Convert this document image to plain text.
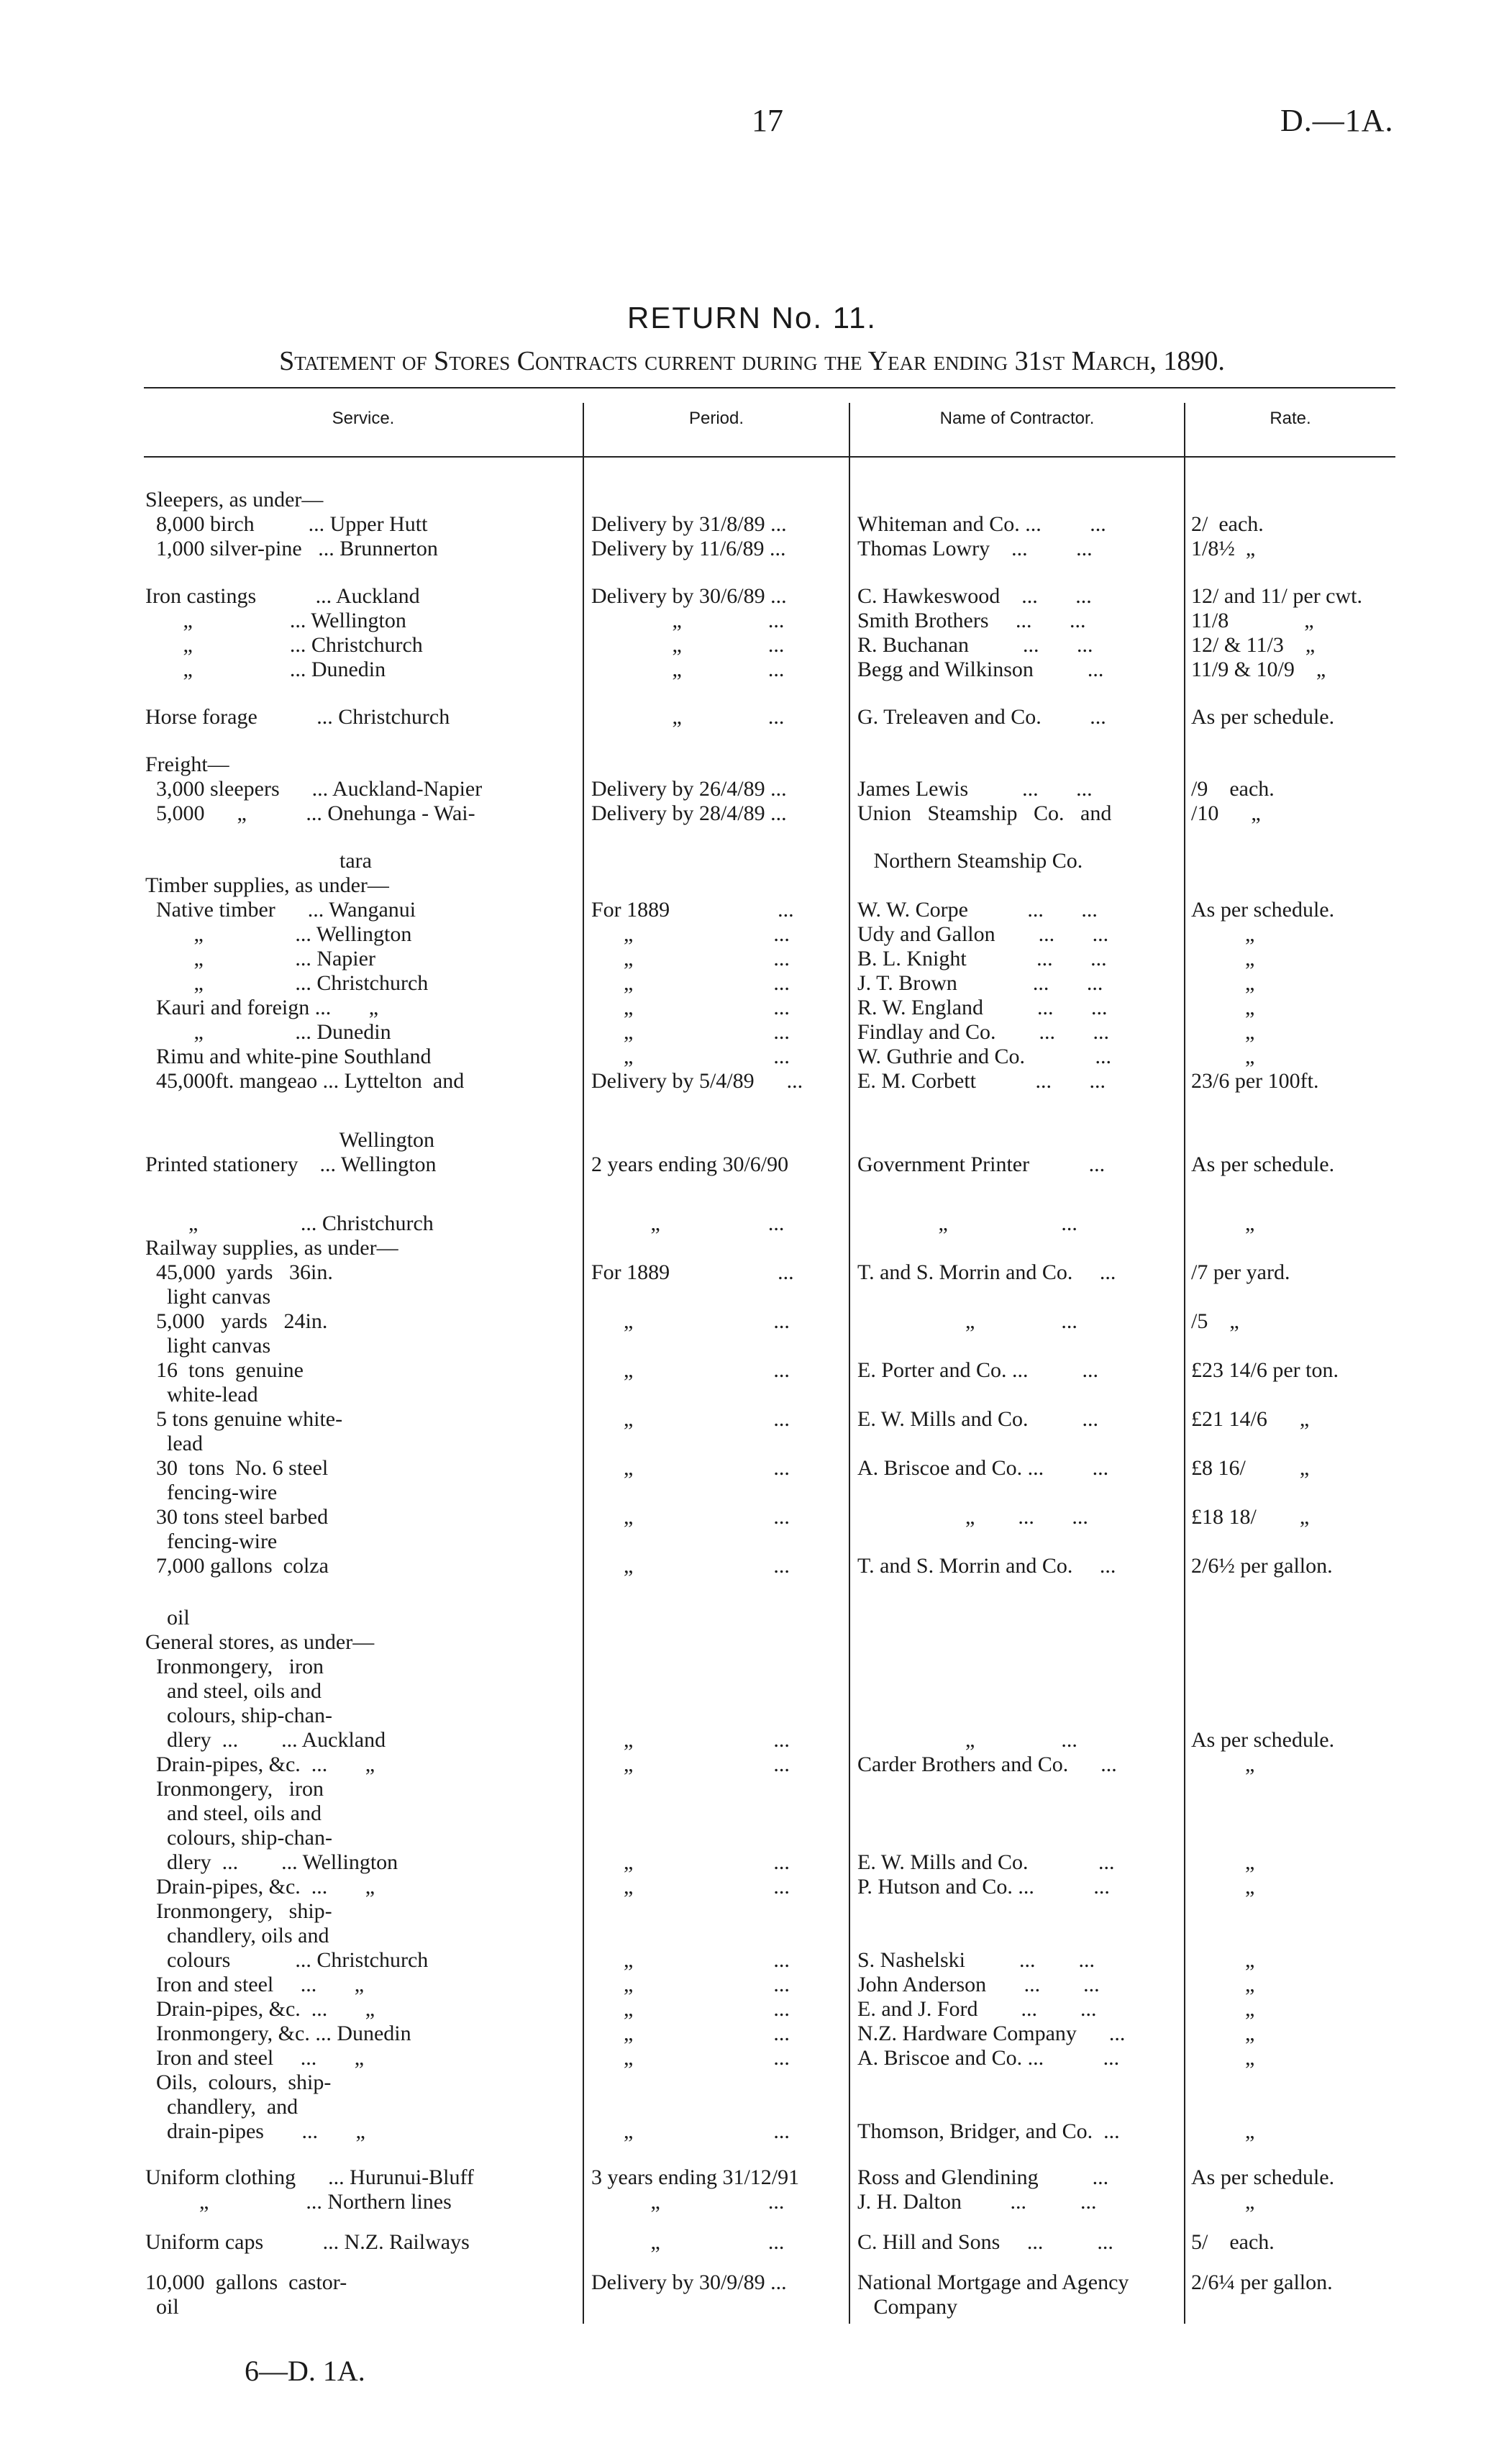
17	D.—1A.
RETURN No. 11.
Statement of Stores Contracts current during the Year ending 31st March, 1890.
Service.	Period.	Name of Contractor.	Rate.
Sleepers, as under—
8,000 birch          ... Upper Hutt	Delivery by 31/8/89 ...	Whiteman and Co. ...         ...	2/  each.
1,000 silver-pine   ... Brunnerton	Delivery by 11/6/89 ...	Thomas Lowry    ...         ...	1/8½  „
Iron castings           ... Auckland	Delivery by 30/6/89 ...	C. Hawkeswood    ...       ...	12/ and 11/ per cwt.
„                  ... Wellington	„                ...	Smith Brothers     ...       ...	11/8              „
„                  ... Christchurch	„                ...	R. Buchanan          ...       ...	12/ & 11/3    „
„                  ... Dunedin	„                ...	Begg and Wilkinson          ...	11/9 & 10/9    „
Horse forage           ... Christchurch	„                ...	G. Treleaven and Co.         ...	As per schedule.
Freight—
3,000 sleepers      ... Auckland-Napier	Delivery by 26/4/89 ...	James Lewis          ...       ...	/9    each.
5,000      „           ... Onehunga - Wai-	Delivery by 28/4/89 ...	Union   Steamship   Co.   and	/10      „
tara	Northern Steamship Co.
Timber supplies, as under—
Native timber      ... Wanganui	For 1889                    ...	W. W. Corpe           ...       ...	As per schedule.
„                 ... Wellington	„                          ...	Udy and Gallon        ...       ...	„
„                 ... Napier	„                          ...	B. L. Knight             ...       ...	„
„                 ... Christchurch	„                          ...	J. T. Brown              ...       ...	„
Kauri and foreign ...       „	„                          ...	R. W. England          ...       ...	„
„                 ... Dunedin	„                          ...	Findlay and Co.        ...       ...	„
Rimu and white-pine Southland	„                          ...	W. Guthrie and Co.             ...	„
45,000ft. mangeao ... Lyttelton  and	Delivery by 5/4/89      ...	E. M. Corbett           ...       ...	23/6 per 100ft.
Wellington
Printed stationery    ... Wellington	2 years ending 30/6/90	Government Printer           ...	As per schedule.
„                   ... Christchurch	„                    ...	„                     ...	„
Railway supplies, as under—
45,000  yards   36in.	For 1889                    ...	T. and S. Morrin and Co.     ...	/7 per yard.
light canvas
5,000   yards   24in.	„                          ...	„                ...	/5    „
light canvas
16  tons  genuine	„                          ...	E. Porter and Co. ...          ...	£23 14/6 per ton.
white-lead
5 tons genuine white-	„                          ...	E. W. Mills and Co.          ...	£21 14/6      „
lead
30  tons  No. 6 steel	„                          ...	A. Briscoe and Co. ...         ...	£8 16/          „
fencing-wire
30 tons steel barbed	„                          ...	„        ...       ...	£18 18/        „
fencing-wire
7,000 gallons  colza	„                          ...	T. and S. Morrin and Co.     ...	2/6½ per gallon.
oil
General stores, as under—
Ironmongery,   iron
and steel, oils and
colours, ship-chan-
dlery  ...        ... Auckland	„                          ...	„                ...	As per schedule.
Drain-pipes, &c.  ...       „	„                          ...	Carder Brothers and Co.      ...	„
Ironmongery,   iron
and steel, oils and
colours, ship-chan-
dlery  ...        ... Wellington	„                          ...	E. W. Mills and Co.             ...	„
Drain-pipes, &c.  ...       „	„                          ...	P. Hutson and Co. ...           ...	„
Ironmongery,   ship-
chandlery, oils and
colours            ... Christchurch	„                          ...	S. Nashelski          ...        ...	„
Iron and steel     ...       „	„                          ...	John Anderson       ...        ...	„
Drain-pipes, &c.  ...       „	„                          ...	E. and J. Ford        ...        ...	„
Ironmongery, &c. ... Dunedin	„                          ...	N.Z. Hardware Company      ...	„
Iron and steel     ...       „	„                          ...	A. Briscoe and Co. ...           ...	„
Oils,  colours,  ship-
chandlery,  and
drain-pipes       ...       „	„                          ...	Thomson, Bridger, and Co.  ...	„
Uniform clothing      ... Hurunui-Bluff	3 years ending 31/12/91	Ross and Glendining          ...	As per schedule.
„                  ... Northern lines	„                    ...	J. H. Dalton         ...          ...	„
Uniform caps           ... N.Z. Railways	„                    ...	C. Hill and Sons     ...          ...	5/    each.
10,000  gallons  castor-	Delivery by 30/9/89 ...	National Mortgage and Agency	2/6¼ per gallon.
oil	Company
6—D. 1A.
